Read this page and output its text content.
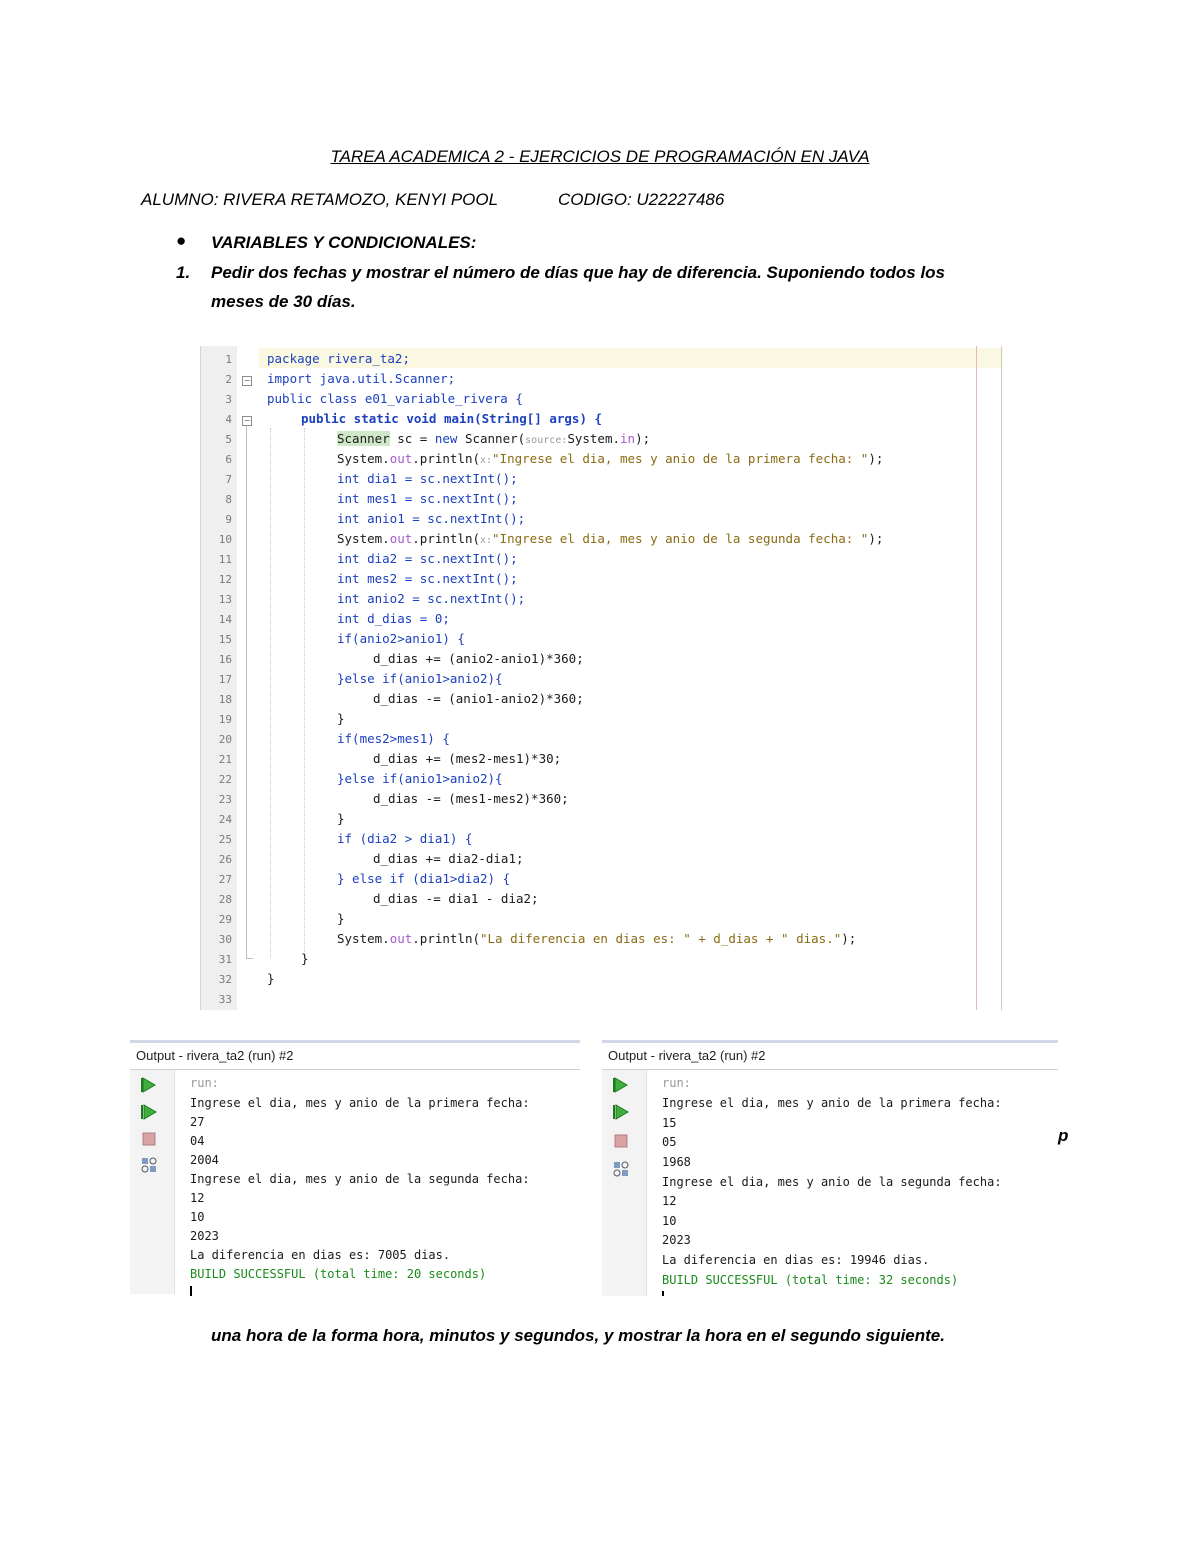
TAREA ACADEMICA 2 - EJERCICIOS DE PROGRAMACIÓN EN JAVA
ALUMNO: RIVERA RETAMOZO, KENYI POOL	CODIGO: U22227486
● VARIABLES Y CONDICIONALES:
1. Pedir dos fechas y mostrar el número de días que hay de diferencia. Suponiendo todos los
meses de 30 días.
1
2
3
4
5
6
7
8
9
10
11
12
13
14
15
16
17
18
19
20
21
22
23
24
25
26
27
28
29
30
31
32
33
−
−
package rivera_ta2;
import java.util.Scanner;
public class e01_variable_rivera {
public static void main(String[] args) {
Scanner sc = new Scanner(source:System.in);
System.out.println(x:"Ingrese el dia, mes y anio de la primera fecha: ");
int dia1 = sc.nextInt();
int mes1 = sc.nextInt();
int anio1 = sc.nextInt();
System.out.println(x:"Ingrese el dia, mes y anio de la segunda fecha: ");
int dia2 = sc.nextInt();
int mes2 = sc.nextInt();
int anio2 = sc.nextInt();
int d_dias = 0;
if(anio2>anio1) {
d_dias += (anio2-anio1)*360;
}else if(anio1>anio2){
d_dias -= (anio1-anio2)*360;
}
if(mes2>mes1) {
d_dias += (mes2-mes1)*30;
}else if(anio1>anio2){
d_dias -= (mes1-mes2)*360;
}
if (dia2 > dia1) {
d_dias += dia2-dia1;
} else if (dia1>dia2) {
d_dias -= dia1 - dia2;
}
System.out.println("La diferencia en dias es: " + d_dias + " dias.");
}
}
Output - rivera_ta2 (run) #2
run:
Ingrese el dia, mes y anio de la primera fecha:
27
04
2004
Ingrese el dia, mes y anio de la segunda fecha:
12
10
2023
La diferencia en dias es: 7005 dias.
BUILD SUCCESSFUL (total time: 20 seconds)
Output - rivera_ta2 (run) #2
run:
Ingrese el dia, mes y anio de la primera fecha:
15
05
1968
Ingrese el dia, mes y anio de la segunda fecha:
12
10
2023
La diferencia en dias es: 19946 dias.
BUILD SUCCESSFUL (total time: 32 seconds)
p
una hora de la forma hora, minutos y segundos, y mostrar la hora en el segundo siguiente.
